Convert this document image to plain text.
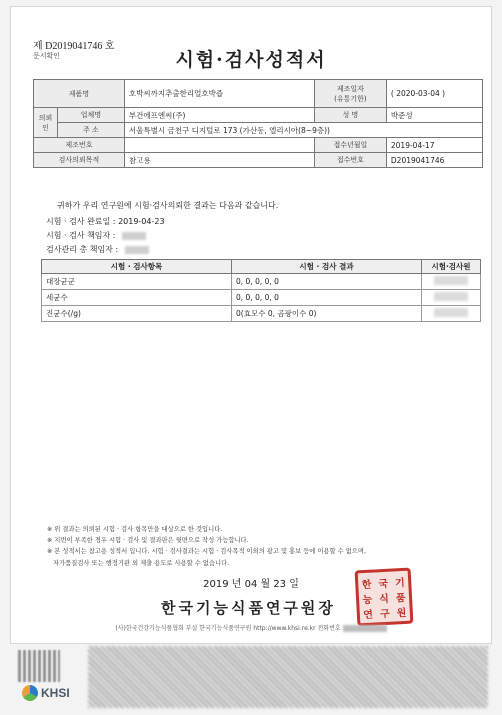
제 D2019041746 호
문서확인	시험·검사성적서
제품명		호박씨까지추출한리얼호박즙	제조일자
(유통기한)	( 2020-03-04 )
의뢰인	업체명	부건에프엔씨(주)	성 명	박준성
	주 소	서울특별시 금천구 디지털로 173 (가산동, 엘리시아(8~9층))		
제조번호			접수년월일	2019-04-17
검사의뢰목적		참고용	접수번호	D2019041746
귀하가 우리 연구원에 시험·검사의뢰한 결과는 다음과 같습니다.
시험 · 검사 완료일 : 2019-04-23
시험 · 검사 책임자 :
검사관리 총 책임자 :
시험 · 검사항목	시험 · 검사 결과	시험·검사원
대장균군	0, 0, 0, 0, 0	
세균수	0, 0, 0, 0, 0	
진균수(/g)	0(효모수 0, 곰팡이수 0)	
※ 위 결과는 의뢰된 시험 · 검사 항목만을 대상으로 한 것입니다.
※ 지번이 부족한 경우 시험 · 검사 및 결과판은 뒷면으로 작성 가능합니다.
※ 본 성적서는 참고용 성적서 입니다. 시험 · 검사결과는 시험 · 검사목적 이외의 광고 및 홍보 등에 이용할 수 없으며,
자가품질검사 또는 행정기관 외 제출 용도로 사용할 수 없습니다.
2019 년 04 월 23 일
한국기능식품연구원장
한 국 기
능 식 품
연 구 원
(사)한국건강기능식품협회 부설 한국기능식품연구원 http://www.khsi.re.kr 전화번호
KHSI
